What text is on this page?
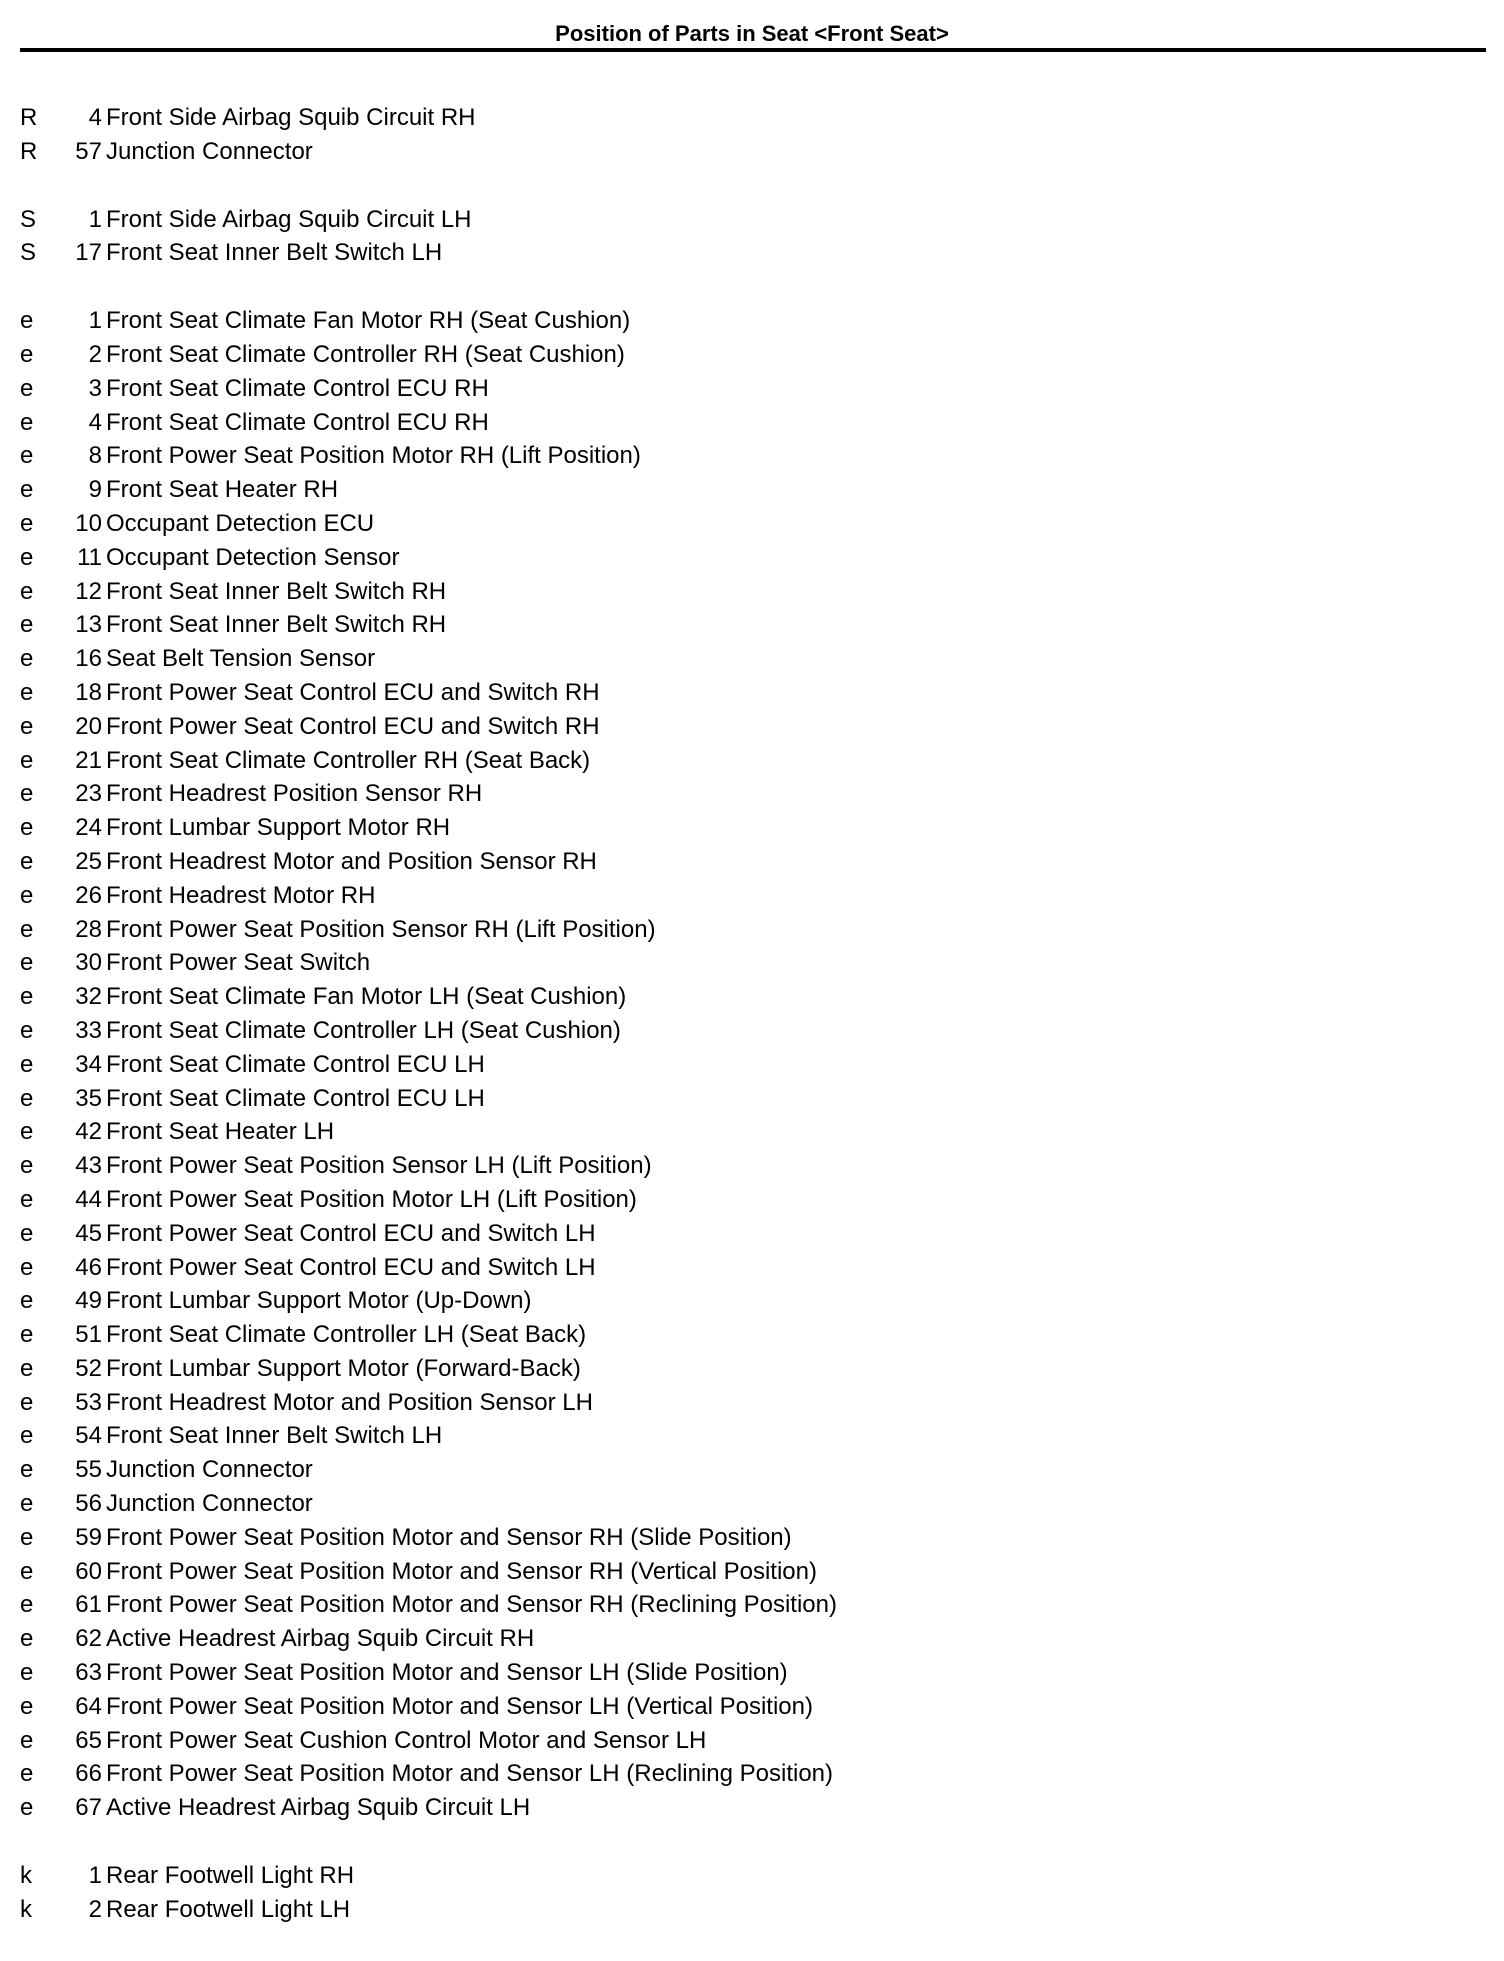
Position of Parts in Seat <Front Seat>
R	4 Front Side Airbag Squib Circuit RH
R	57 Junction Connector
S	1 Front Side Airbag Squib Circuit LH
S	17 Front Seat Inner Belt Switch LH
e	1 Front Seat Climate Fan Motor RH (Seat Cushion)
e	2 Front Seat Climate Controller RH (Seat Cushion)
e	3 Front Seat Climate Control ECU RH
e	4 Front Seat Climate Control ECU RH
e	8 Front Power Seat Position Motor RH (Lift Position)
e	9 Front Seat Heater RH
e	10 Occupant Detection ECU
e	11 Occupant Detection Sensor
e	12 Front Seat Inner Belt Switch RH
e	13 Front Seat Inner Belt Switch RH
e	16 Seat Belt Tension Sensor
e	18 Front Power Seat Control ECU and Switch RH
e	20 Front Power Seat Control ECU and Switch RH
e	21 Front Seat Climate Controller RH (Seat Back)
e	23 Front Headrest Position Sensor RH
e	24 Front Lumbar Support Motor RH
e	25 Front Headrest Motor and Position Sensor RH
e	26 Front Headrest Motor RH
e	28 Front Power Seat Position Sensor RH (Lift Position)
e	30 Front Power Seat Switch
e	32 Front Seat Climate Fan Motor LH (Seat Cushion)
e	33 Front Seat Climate Controller LH (Seat Cushion)
e	34 Front Seat Climate Control ECU LH
e	35 Front Seat Climate Control ECU LH
e	42 Front Seat Heater LH
e	43 Front Power Seat Position Sensor LH (Lift Position)
e	44 Front Power Seat Position Motor LH (Lift Position)
e	45 Front Power Seat Control ECU and Switch LH
e	46 Front Power Seat Control ECU and Switch LH
e	49 Front Lumbar Support Motor (Up-Down)
e	51 Front Seat Climate Controller LH (Seat Back)
e	52 Front Lumbar Support Motor (Forward-Back)
e	53 Front Headrest Motor and Position Sensor LH
e	54 Front Seat Inner Belt Switch LH
e	55 Junction Connector
e	56 Junction Connector
e	59 Front Power Seat Position Motor and Sensor RH (Slide Position)
e	60 Front Power Seat Position Motor and Sensor RH (Vertical Position)
e	61 Front Power Seat Position Motor and Sensor RH (Reclining Position)
e	62 Active Headrest Airbag Squib Circuit RH
e	63 Front Power Seat Position Motor and Sensor LH (Slide Position)
e	64 Front Power Seat Position Motor and Sensor LH (Vertical Position)
e	65 Front Power Seat Cushion Control Motor and Sensor LH
e	66 Front Power Seat Position Motor and Sensor LH (Reclining Position)
e	67 Active Headrest Airbag Squib Circuit LH
k	1 Rear Footwell Light RH
k	2 Rear Footwell Light LH
